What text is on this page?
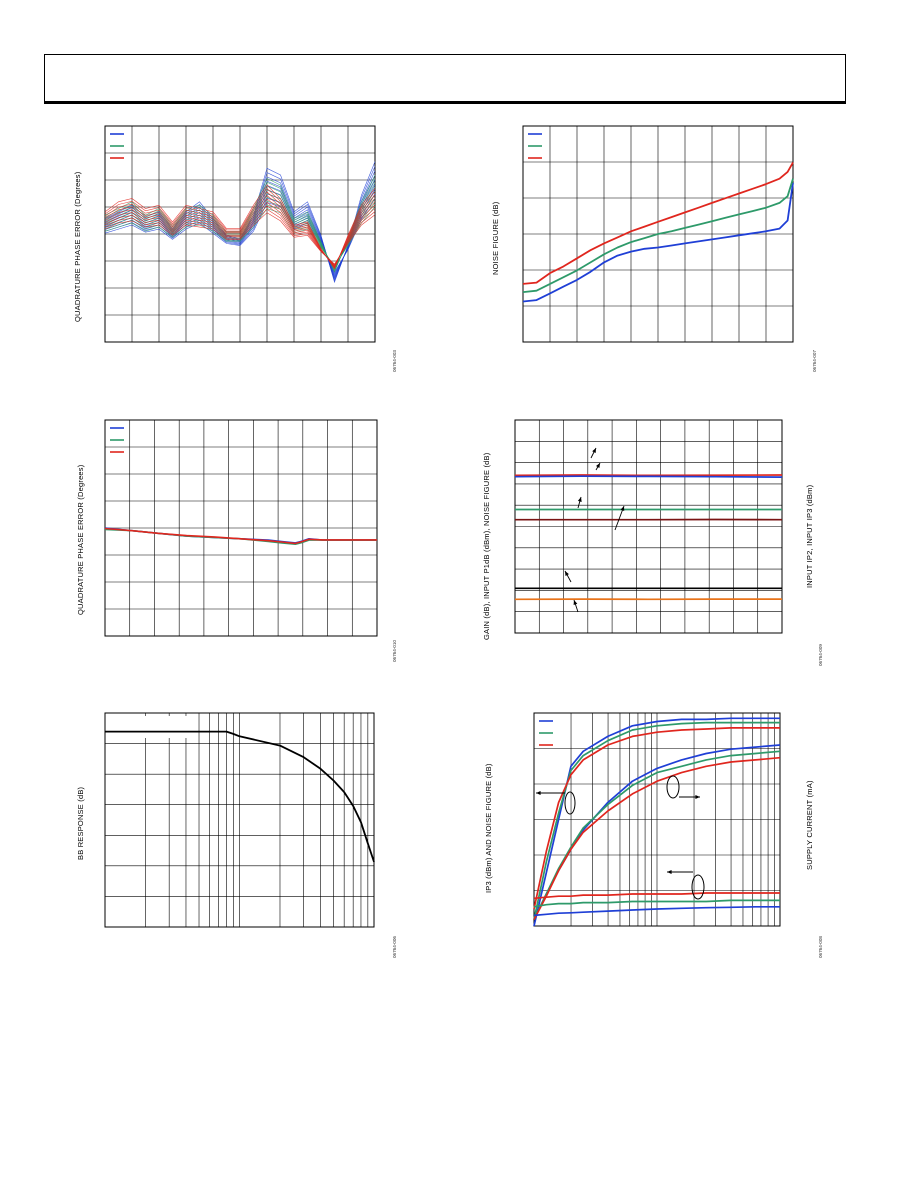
QUADRATURE PHASE ERROR (Degrees)
06764-003
NOISE FIGURE (dB)
06764-007
QUADRATURE PHASE ERROR (Degrees)
06764-010
GAIN (dB), INPUT P1dB (dBm), NOISE FIGURE (dB)	INPUT IP2, INPUT IP3 (dBm)
06764-009
BB RESPONSE (dB)
06764-006
IP3 (dBm) AND NOISE FIGURE (dB)	SUPPLY CURRENT (mA)
06764-008
